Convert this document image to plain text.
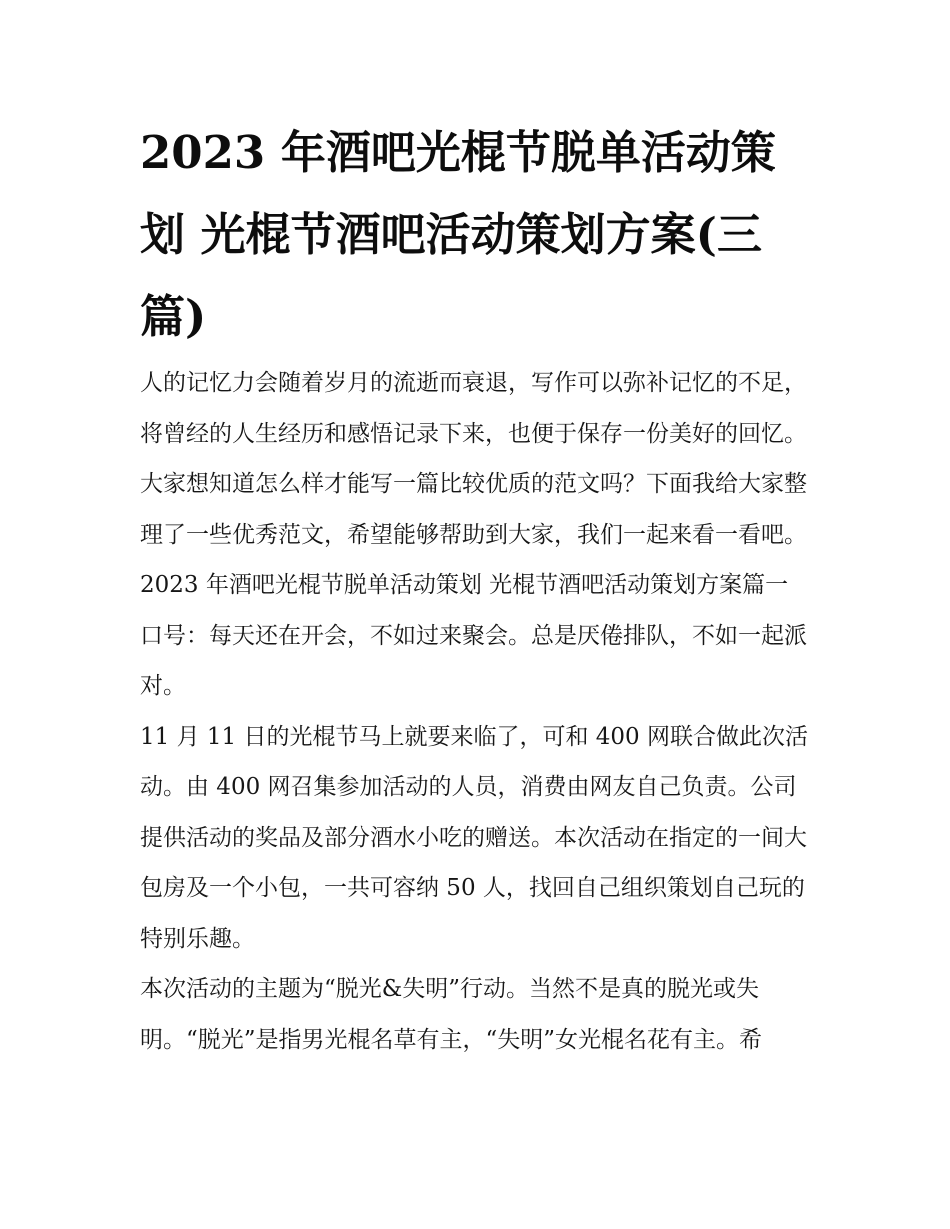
2023 年酒吧光棍节脱单活动策划 光棍节酒吧活动策划方案(三篇)

人的记忆力会随着岁月的流逝而衰退，写作可以弥补记忆的不足，将曾经的人生经历和感悟记录下来，也便于保存一份美好的回忆。大家想知道怎么样才能写一篇比较优质的范文吗？下面我给大家整理了一些优秀范文，希望能够帮助到大家，我们一起来看一看吧。

2023 年酒吧光棍节脱单活动策划 光棍节酒吧活动策划方案篇一 口号：每天还在开会，不如过来聚会。总是厌倦排队，不如一起派对。

11 月 11 日的光棍节马上就要来临了，可和 400 网联合做此次活动。由 400 网召集参加活动的人员，消费由网友自己负责。公司提供活动的奖品及部分酒水小吃的赠送。本次活动在指定的一间大包房及一个小包，一共可容纳 50 人，找回自己组织策划自己玩的特别乐趣。

本次活动的主题为“脱光&失明”行动。当然不是真的脱光或失明。“脱光”是指男光棍名草有主，“失明”女光棍名花有主。希
